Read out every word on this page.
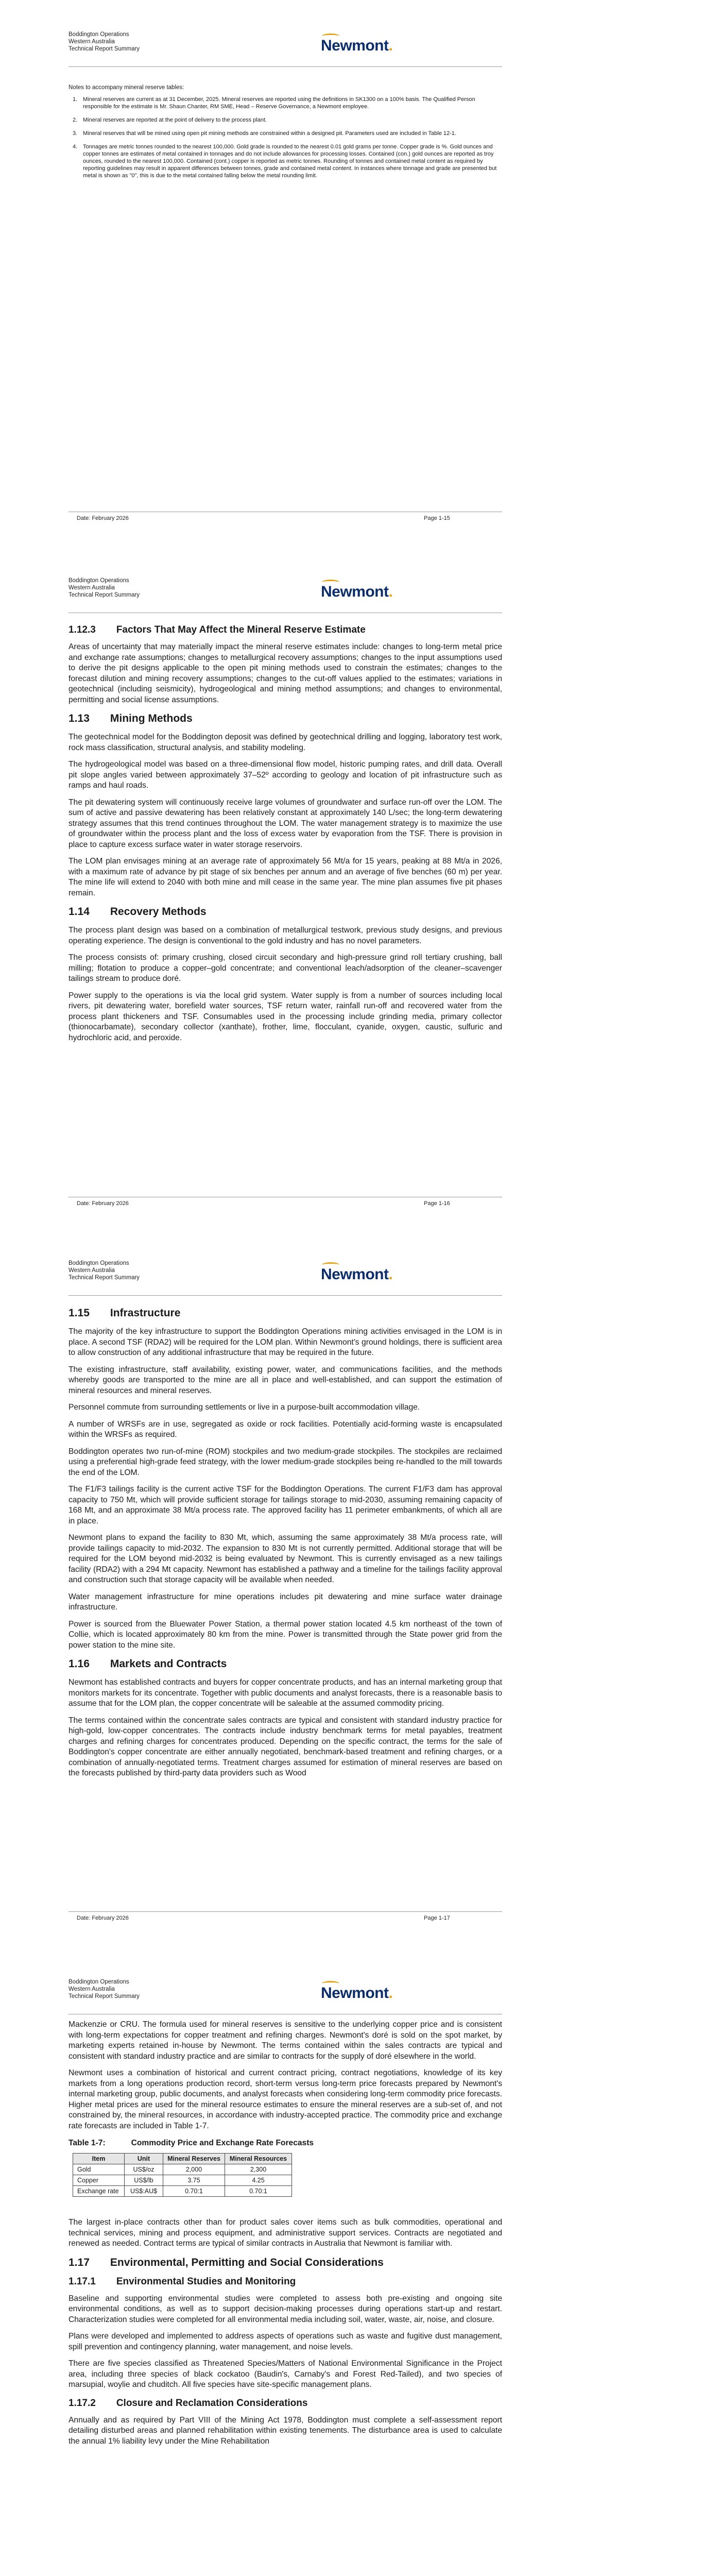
Boddington Operations
Western Australia
Technical Report Summary	Newmont.
Notes to accompany mineral reserve tables:
1. Mineral reserves are current as at 31 December, 2025. Mineral reserves are reported using the definitions in SK1300 on a 100% basis. The Qualified Person responsible for the estimate is Mr. Shaun Chanter, RM SME, Head – Reserve Governance, a Newmont employee.
2. Mineral reserves are reported at the point of delivery to the process plant.
3. Mineral reserves that will be mined using open pit mining methods are constrained within a designed pit. Parameters used are included in Table 12-1.
4. Tonnages are metric tonnes rounded to the nearest 100,000. Gold grade is rounded to the nearest 0.01 gold grams per tonne. Copper grade is %. Gold ounces and copper tonnes are estimates of metal contained in tonnages and do not include allowances for processing losses. Contained (con.) gold ounces are reported as troy ounces, rounded to the nearest 100,000. Contained (cont.) copper is reported as metric tonnes. Rounding of tonnes and contained metal content as required by reporting guidelines may result in apparent differences between tonnes, grade and contained metal content. In instances where tonnage and grade are presented but metal is shown as "0", this is due to the metal contained falling below the metal rounding limit.
Date: February 2026	Page 1-15
Boddington Operations
Western Australia
Technical Report Summary	Newmont.
1.12.3 Factors That May Affect the Mineral Reserve Estimate

Areas of uncertainty that may materially impact the mineral reserve estimates include: changes to long-term metal price and exchange rate assumptions; changes to metallurgical recovery assumptions; changes to the input assumptions used to derive the pit designs applicable to the open pit mining methods used to constrain the estimates; changes to the forecast dilution and mining recovery assumptions; changes to the cut-off values applied to the estimates; variations in geotechnical (including seismicity), hydrogeological and mining method assumptions; and changes to environmental, permitting and social license assumptions.

1.13 Mining Methods

The geotechnical model for the Boddington deposit was defined by geotechnical drilling and logging, laboratory test work, rock mass classification, structural analysis, and stability modeling.

The hydrogeological model was based on a three-dimensional flow model, historic pumping rates, and drill data. Overall pit slope angles varied between approximately 37–52º according to geology and location of pit infrastructure such as ramps and haul roads.

The pit dewatering system will continuously receive large volumes of groundwater and surface run-off over the LOM. The sum of active and passive dewatering has been relatively constant at approximately 140 L/sec; the long-term dewatering strategy assumes that this trend continues throughout the LOM. The water management strategy is to maximize the use of groundwater within the process plant and the loss of excess water by evaporation from the TSF. There is provision in place to capture excess surface water in water storage reservoirs.

The LOM plan envisages mining at an average rate of approximately 56 Mt/a for 15 years, peaking at 88 Mt/a in 2026, with a maximum rate of advance by pit stage of six benches per annum and an average of five benches (60 m) per year. The mine life will extend to 2040 with both mine and mill cease in the same year. The mine plan assumes five pit phases remain.

1.14 Recovery Methods

The process plant design was based on a combination of metallurgical testwork, previous study designs, and previous operating experience. The design is conventional to the gold industry and has no novel parameters.

The process consists of: primary crushing, closed circuit secondary and high-pressure grind roll tertiary crushing, ball milling; flotation to produce a copper–gold concentrate; and conventional leach/adsorption of the cleaner–scavenger tailings stream to produce doré.

Power supply to the operations is via the local grid system. Water supply is from a number of sources including local rivers, pit dewatering water, borefield water sources, TSF return water, rainfall run-off and recovered water from the process plant thickeners and TSF. Consumables used in the processing include grinding media, primary collector (thionocarbamate), secondary collector (xanthate), frother, lime, flocculant, cyanide, oxygen, caustic, sulfuric and hydrochloric acid, and peroxide.

Date: February 2026	Page 1-16
Boddington Operations
Western Australia
Technical Report Summary	Newmont.
1.15 Infrastructure

The majority of the key infrastructure to support the Boddington Operations mining activities envisaged in the LOM is in place. A second TSF (RDA2) will be required for the LOM plan. Within Newmont's ground holdings, there is sufficient area to allow construction of any additional infrastructure that may be required in the future.

The existing infrastructure, staff availability, existing power, water, and communications facilities, and the methods whereby goods are transported to the mine are all in place and well-established, and can support the estimation of mineral resources and mineral reserves.

Personnel commute from surrounding settlements or live in a purpose-built accommodation village.

A number of WRSFs are in use, segregated as oxide or rock facilities. Potentially acid-forming waste is encapsulated within the WRSFs as required.

Boddington operates two run-of-mine (ROM) stockpiles and two medium-grade stockpiles. The stockpiles are reclaimed using a preferential high-grade feed strategy, with the lower medium-grade stockpiles being re-handled to the mill towards the end of the LOM.

The F1/F3 tailings facility is the current active TSF for the Boddington Operations. The current F1/F3 dam has approval capacity to 750 Mt, which will provide sufficient storage for tailings storage to mid-2030, assuming remaining capacity of 168 Mt, and an approximate 38 Mt/a process rate. The approved facility has 11 perimeter embankments, of which all are in place.

Newmont plans to expand the facility to 830 Mt, which, assuming the same approximately 38 Mt/a process rate, will provide tailings capacity to mid-2032. The expansion to 830 Mt is not currently permitted. Additional storage that will be required for the LOM beyond mid-2032 is being evaluated by Newmont. This is currently envisaged as a new tailings facility (RDA2) with a 294 Mt capacity. Newmont has established a pathway and a timeline for the tailings facility approval and construction such that storage capacity will be available when needed.

Water management infrastructure for mine operations includes pit dewatering and mine surface water drainage infrastructure.

Power is sourced from the Bluewater Power Station, a thermal power station located 4.5 km northeast of the town of Collie, which is located approximately 80 km from the mine. Power is transmitted through the State power grid from the power station to the mine site.

1.16 Markets and Contracts

Newmont has established contracts and buyers for copper concentrate products, and has an internal marketing group that monitors markets for its concentrate. Together with public documents and analyst forecasts, there is a reasonable basis to assume that for the LOM plan, the copper concentrate will be saleable at the assumed commodity pricing.

The terms contained within the concentrate sales contracts are typical and consistent with standard industry practice for high-gold, low-copper concentrates. The contracts include industry benchmark terms for metal payables, treatment charges and refining charges for concentrates produced. Depending on the specific contract, the terms for the sale of Boddington's copper concentrate are either annually negotiated, benchmark-based treatment and refining charges, or a combination of annually-negotiated terms. Treatment charges assumed for estimation of mineral reserves are based on the forecasts published by third-party data providers such as Wood

Date: February 2026	Page 1-17
Boddington Operations
Western Australia
Technical Report Summary	Newmont.

Mackenzie or CRU. The formula used for mineral reserves is sensitive to the underlying copper price and is consistent with long-term expectations for copper treatment and refining charges. Newmont's doré is sold on the spot market, by marketing experts retained in-house by Newmont. The terms contained within the sales contracts are typical and consistent with standard industry practice and are similar to contracts for the supply of doré elsewhere in the world.

Newmont uses a combination of historical and current contract pricing, contract negotiations, knowledge of its key markets from a long operations production record, short-term versus long-term price forecasts prepared by Newmont's internal marketing group, public documents, and analyst forecasts when considering long-term commodity price forecasts. Higher metal prices are used for the mineral resource estimates to ensure the mineral reserves are a sub-set of, and not constrained by, the mineral resources, in accordance with industry-accepted practice. The commodity price and exchange rate forecasts are included in Table 1-7.

Table 1-7:	Commodity Price and Exchange Rate Forecasts
Item	Unit	Mineral Reserves	Mineral Resources
Gold	US$/oz	2,000	2,300
Copper	US$/lb	3.75	4.25
Exchange rate	US$:AU$	0.70:1	0.70:1

The largest in-place contracts other than for product sales cover items such as bulk commodities, operational and technical services, mining and process equipment, and administrative support services. Contracts are negotiated and renewed as needed. Contract terms are typical of similar contracts in Australia that Newmont is familiar with.

1.17 Environmental, Permitting and Social Considerations
1.17.1 Environmental Studies and Monitoring

Baseline and supporting environmental studies were completed to assess both pre-existing and ongoing site environmental conditions, as well as to support decision-making processes during operations start-up and restart. Characterization studies were completed for all environmental media including soil, water, waste, air, noise, and closure.

Plans were developed and implemented to address aspects of operations such as waste and fugitive dust management, spill prevention and contingency planning, water management, and noise levels.

There are five species classified as Threatened Species/Matters of National Environmental Significance in the Project area, including three species of black cockatoo (Baudin's, Carnaby's and Forest Red-Tailed), and two species of marsupial, woylie and chuditch. All five species have site-specific management plans.

1.17.2 Closure and Reclamation Considerations

Annually and as required by Part VIII of the Mining Act 1978, Boddington must complete a self-assessment report detailing disturbed areas and planned rehabilitation within existing tenements. The disturbance area is used to calculate the annual 1% liability levy under the Mine Rehabilitation
